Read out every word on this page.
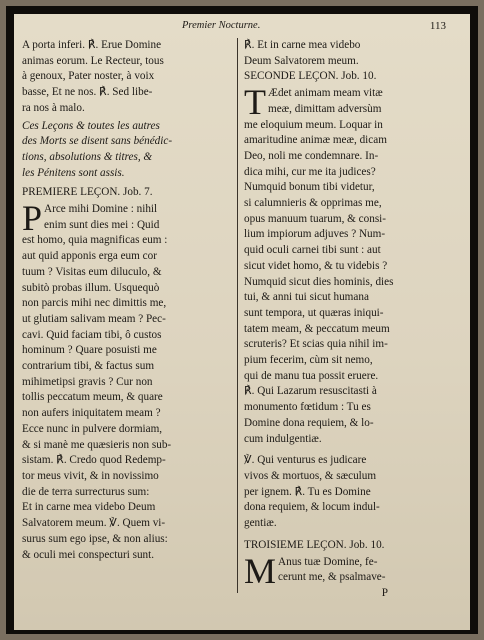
Premier Nocturne.	113

A porta inferi. ℟. Erue Domine
animas eorum. Le Recteur, tous
à genoux, Pater noster, à voix
basse, Et ne nos. ℟. Sed libe-
ra nos à malo.

Ces Leçons & toutes les autres
des Morts se disent sans bénédic-
tions, absolutions & titres, &
les Pénitens sont assis.

PREMIERE LEÇON. Job. 7.

P Arce mihi Domine : nihil
enim sunt dies mei : Quid
est homo, quia magnificas eum :
aut quid apponis erga eum cor
tuum ? Visitas eum diluculo, &
subitò probas illum. Usquequò
non parcis mihi nec dimittis me,
ut glutiam salivam meam ? Pec-
cavi. Quid faciam tibi, ô custos
hominum ? Quare posuisti me
contrarium tibi, & factus sum
mihimetipsi gravis ? Cur non
tollis peccatum meum, & quare
non aufers iniquitatem meam ?
Ecce nunc in pulvere dormiam,
& si manè me quæsieris non sub-
sistam. ℟. Credo quod Redemp-
tor meus vivit, & in novissimo
die de terra surrecturus sum:
Et in carne mea videbo Deum
Salvatorem meum. ℣. Quem vi-
surus sum ego ipse, & non alius:
& oculi mei conspecturi sunt.

℟. Et in carne mea videbo
Deum Salvatorem meum.

SECONDE LEÇON. Job. 10.

T Ædet animam meam vitæ
meæ, dimittam adversùm
me eloquium meum. Loquar in
amaritudine animæ meæ, dicam
Deo, noli me condemnare. In-
dica mihi, cur me ita judices?
Numquid bonum tibi videtur,
si calumnieris & opprimas me,
opus manuum tuarum, & consi-
lium impiorum adjuves ? Num-
quid oculi carnei tibi sunt : aut
sicut videt homo, & tu videbis ?
Numquid sicut dies hominis, dies
tui, & anni tui sicut humana
sunt tempora, ut quæras iniqui-
tatem meam, & peccatum meum
scruteris? Et scias quia nihil im-
pium fecerim, cùm sit nemo,
qui de manu tua possit eruere.
℟. Qui Lazarum resuscitasti à
monumento fœtidum : Tu es
Domine dona requiem, & lo-
cum indulgentiæ.

℣. Qui venturus es judicare
vivos & mortuos, & sæculum
per ignem. ℟. Tu es Domine
dona requiem, & locum indul-
gentiæ.

TROISIEME LEÇON. Job. 10.

M Anus tuæ Domine, fe-
cerunt me, & psalmave-

P
